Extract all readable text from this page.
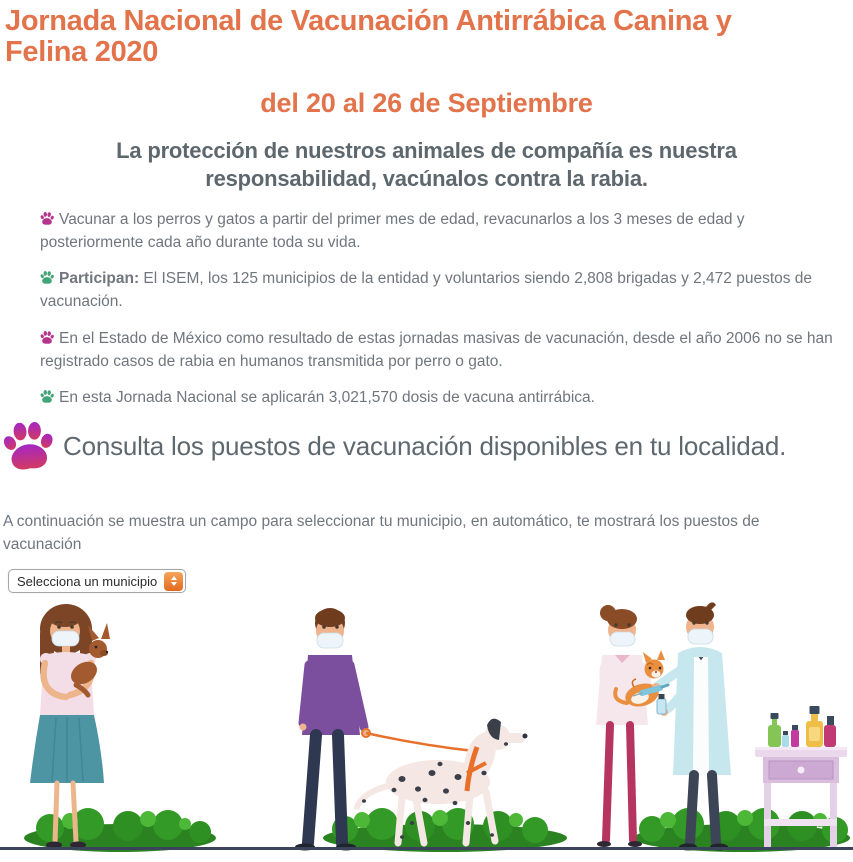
Jornada Nacional de Vacunación Antirrábica Canina y Felina 2020
del 20 al 26 de Septiembre
La protección de nuestros animales de compañía es nuestra responsabilidad, vacúnalos contra la rabia.

Vacunar a los perros y gatos a partir del primer mes de edad, revacunarlos a los 3 meses de edad y posteriormente cada año durante toda su vida.

Participan: El ISEM, los 125 municipios de la entidad y voluntarios siendo 2,808 brigadas y 2,472 puestos de vacunación.

En el Estado de México como resultado de estas jornadas masivas de vacunación, desde el año 2006 no se han registrado casos de rabia en humanos transmitida por perro o gato.

En esta Jornada Nacional se aplicarán 3,021,570 dosis de vacuna antirrábica.

Consulta los puestos de vacunación disponibles en tu localidad.

A continuación se muestra un campo para seleccionar tu municipio, en automático, te mostrará los puestos de vacunación

Selecciona un municipio
